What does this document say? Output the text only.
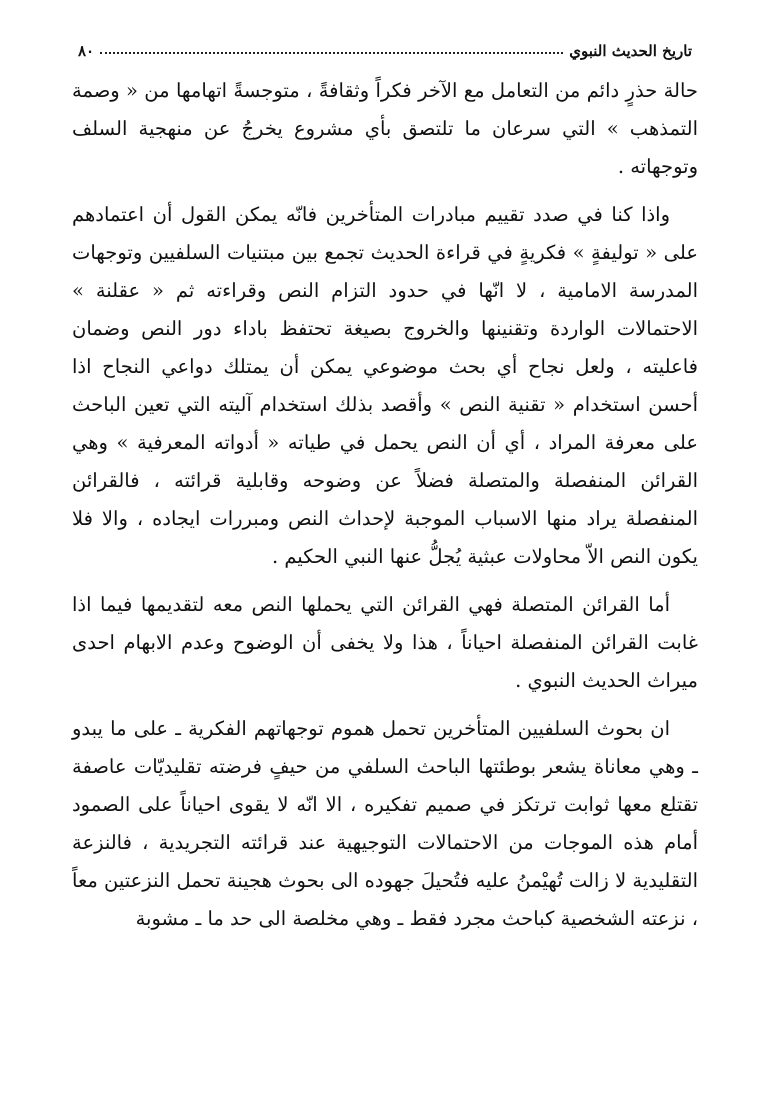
تاريخ الحديث النبوي
٨٠

حالة حذرٍ دائم من التعامل مع الآخر فكراً وثقافةً ، متوجسةً اتهامها من « وصمة التمذهب » التي سرعان ما تلتصق بأي مشروع يخرجُ عن منهجية السلف وتوجهاته .

واذا كنا في صدد تقييم مبادرات المتأخرين فانّه يمكن القول أن اعتمادهم على « توليفةٍ » فكريةٍ في قراءة الحديث تجمع بين مبتنيات السلفيين وتوجهات المدرسة الامامية ، لا انّها في حدود التزام النص وقراءته ثم « عقلنة » الاحتمالات الواردة وتقنينها والخروج بصيغة تحتفظ باداء دور النص وضمان فاعليته ، ولعل نجاح أي بحث موضوعي يمكن أن يمتلك دواعي النجاح اذا أحسن استخدام « تقنية النص » وأقصد بذلك استخدام آليته التي تعين الباحث على معرفة المراد ، أي أن النص يحمل في طياته « أدواته المعرفية » وهي القرائن المنفصلة والمتصلة فضلاً عن وضوحه وقابلية قرائته ، فالقرائن المنفصلة يراد منها الاسباب الموجبة لإحداث النص ومبررات ايجاده ، والا فلا يكون النص الاّ محاولات عبثية يُجلُّ عنها النبي الحكيم .

أما القرائن المتصلة فهي القرائن التي يحملها النص معه لتقديمها فيما اذا غابت القرائن المنفصلة احياناً ، هذا ولا يخفى أن الوضوح وعدم الابهام احدى ميراث الحديث النبوي .

ان بحوث السلفيين المتأخرين تحمل هموم توجهاتهم الفكرية ـ على ما يبدو ـ وهي معاناة يشعر بوطئتها الباحث السلفي من حيفٍ فرضته تقليديّات عاصفة تقتلع معها ثوابت ترتكز في صميم تفكيره ، الا انّه لا يقوى احياناً على الصمود أمام هذه الموجات من الاحتمالات التوجيهية عند قرائته التجريدية ، فالنزعة التقليدية لا زالت تُهيْمنُ عليه فتُحيلَ جهوده الى بحوث هجينة تحمل النزعتين معاً ، نزعته الشخصية كباحث مجرد فقط ـ وهي مخلصة الى حد ما ـ مشوبة
